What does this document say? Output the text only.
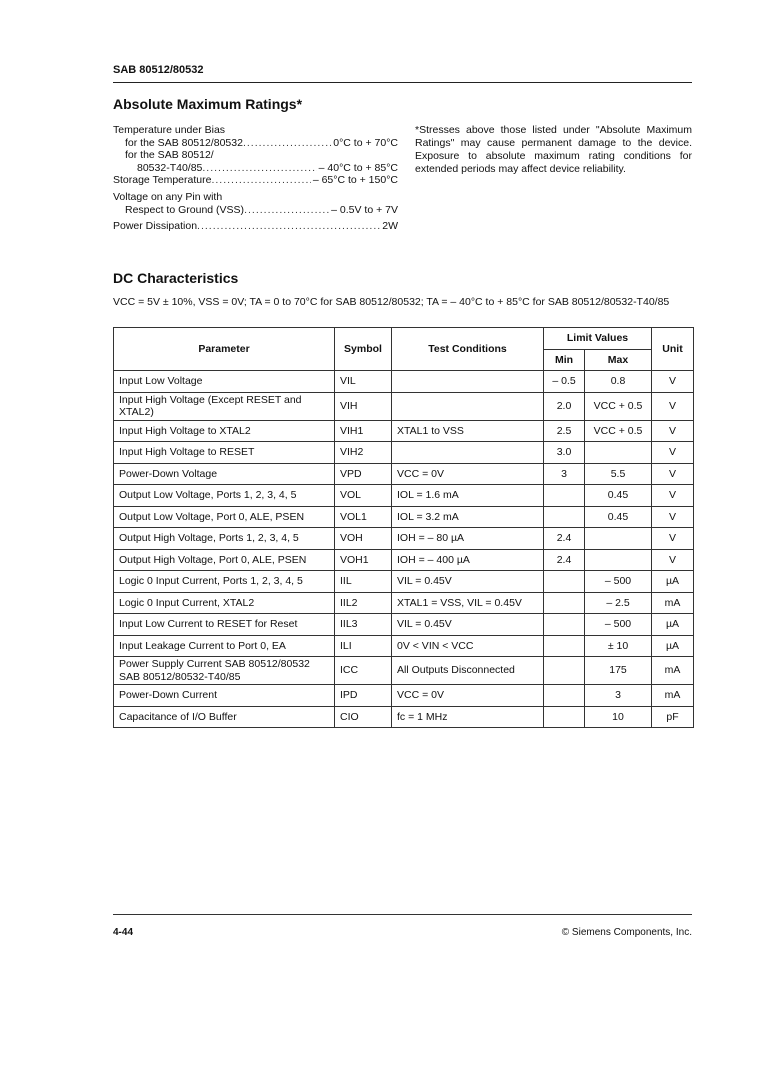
SAB 80512/80532
Absolute Maximum Ratings*
Temperature under Bias
for the SAB 80512/80532 .....	0°C to + 70°C
for the SAB 80512/
80532-T40/85 .....	– 40°C to + 85°C
Storage Temperature .....	– 65°C to + 150°C
Voltage on any Pin with
Respect to Ground (VSS) .....	– 0.5V to + 7V
Power Dissipation .....	2W
*Stresses above those listed under "Absolute Maximum Ratings" may cause permanent damage to the device. Exposure to absolute maximum rating conditions for extended periods may affect device reliability.
DC Characteristics
VCC = 5V ± 10%, VSS = 0V; TA = 0 to 70°C for SAB 80512/80532; TA = – 40°C to + 85°C for SAB 80512/80532-T40/85
Parameter	Symbol	Test Conditions	Limit Values		Unit
			Min	Max	
Input Low Voltage	VIL		– 0.5	0.8	V
Input High Voltage (Except RESET and XTAL2)	VIH		2.0	VCC + 0.5	V
Input High Voltage to XTAL2	VIH1	XTAL1 to VSS	2.5	VCC + 0.5	V
Input High Voltage to RESET	VIH2		3.0		V
Power-Down Voltage	VPD	VCC = 0V	3	5.5	V
Output Low Voltage, Ports 1, 2, 3, 4, 5	VOL	IOL = 1.6 mA		0.45	V
Output Low Voltage, Port 0, ALE, PSEN	VOL1	IOL = 3.2 mA		0.45	V
Output High Voltage, Ports 1, 2, 3, 4, 5	VOH	IOH = – 80 µA	2.4		V
Output High Voltage, Port 0, ALE, PSEN	VOH1	IOH = – 400 µA	2.4		V
Logic 0 Input Current, Ports 1, 2, 3, 4, 5	IIL	VIL = 0.45V		– 500	µA
Logic 0 Input Current, XTAL2	IIL2	XTAL1 = VSS, VIL = 0.45V		– 2.5	mA
Input Low Current to RESET for Reset	IIL3	VIL = 0.45V		– 500	µA
Input Leakage Current to Port 0, EA	ILI	0V < VIN < VCC		± 10	µA
Power Supply Current SAB 80512/80532 SAB 80512/80532-T40/85	ICC	All Outputs Disconnected		175	mA
Power-Down Current	IPD	VCC = 0V		3	mA
Capacitance of I/O Buffer	CIO	fc = 1 MHz		10	pF
4-44	© Siemens Components, Inc.
